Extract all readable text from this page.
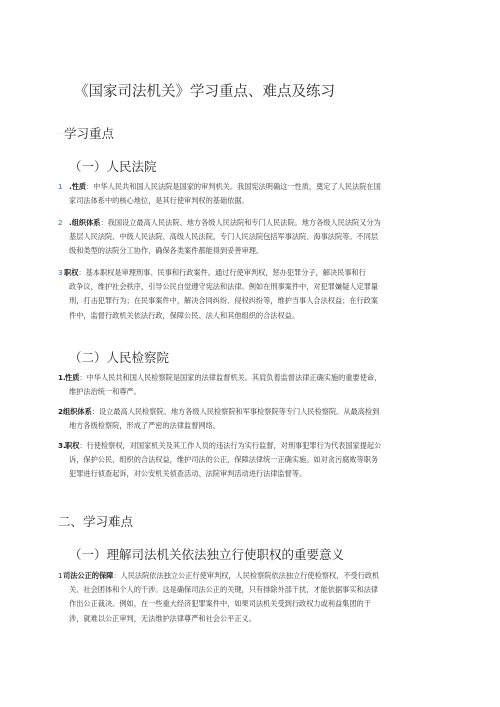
《国家司法机关》学习重点、难点及练习
一学习重点
（一）人民法院
1 .性质：中华人民共和国人民法院是国家的审判机关。我国宪法明确这一性质，奠定了人民法院在国
家司法体系中的核心地位，是其行使审判权的基础依据。
2 .组织体系：我国设立最高人民法院、地方各级人民法院和专门人民法院。地方各级人民法院又分为
基层人民法院、中级人民法院、高级人民法院。专门人民法院包括军事法院、海事法院等。不同层
级和类型的法院分工协作，确保各类案件都能得到妥善审理。
3 职权：基本职权是审理刑事、民事和行政案件。通过行使审判权，惩办犯罪分子，解决民事和行
政争议，维护社会秩序，引导公民自觉遵守宪法和法律。例如在刑事案件中，对犯罪嫌疑人定罪量
刑，打击犯罪行为；在民事案件中，解决合同纠纷、侵权纠纷等，维护当事人合法权益；在行政案
件中，监督行政机关依法行政，保障公民、法人和其他组织的合法权益。
（二）人民检察院
1. 性质：中华人民共和国人民检察院是国家的法律监督机关。其肩负着监督法律正确实施的重要使命，
维护法治统一和尊严。
2 组织体系：设立最高人民检察院、地方各级人民检察院和军事检察院等专门人民检察院。从最高检到
地方各级检察院，形成了严密的法律监督网络。
3. 职权：行使检察权，对国家机关及其工作人员的违法行为实行监督，对刑事犯罪行为代表国家提起公
诉，保护公民、组织的合法权益，维护司法的公正，保障法律统一正确实施。如对贪污腐败等职务
犯罪进行侦查起诉，对公安机关侦查活动、法院审判活动进行法律监督等。
二、学习难点
（一）理解司法机关依法独立行使职权的重要意义
1 司法公正的保障：人民法院依法独立公正行使审判权，人民检察院依法独立行使检察权，不受行政机
关、社会团体和个人的干涉。这是确保司法公正的关键，只有排除外部干扰，才能依据事实和法律
作出公正裁决。例如，在一些重大经济犯罪案件中，如果司法机关受到行政权力或利益集团的干
涉，就难以公正审判，无法维护法律尊严和社会公平正义。
